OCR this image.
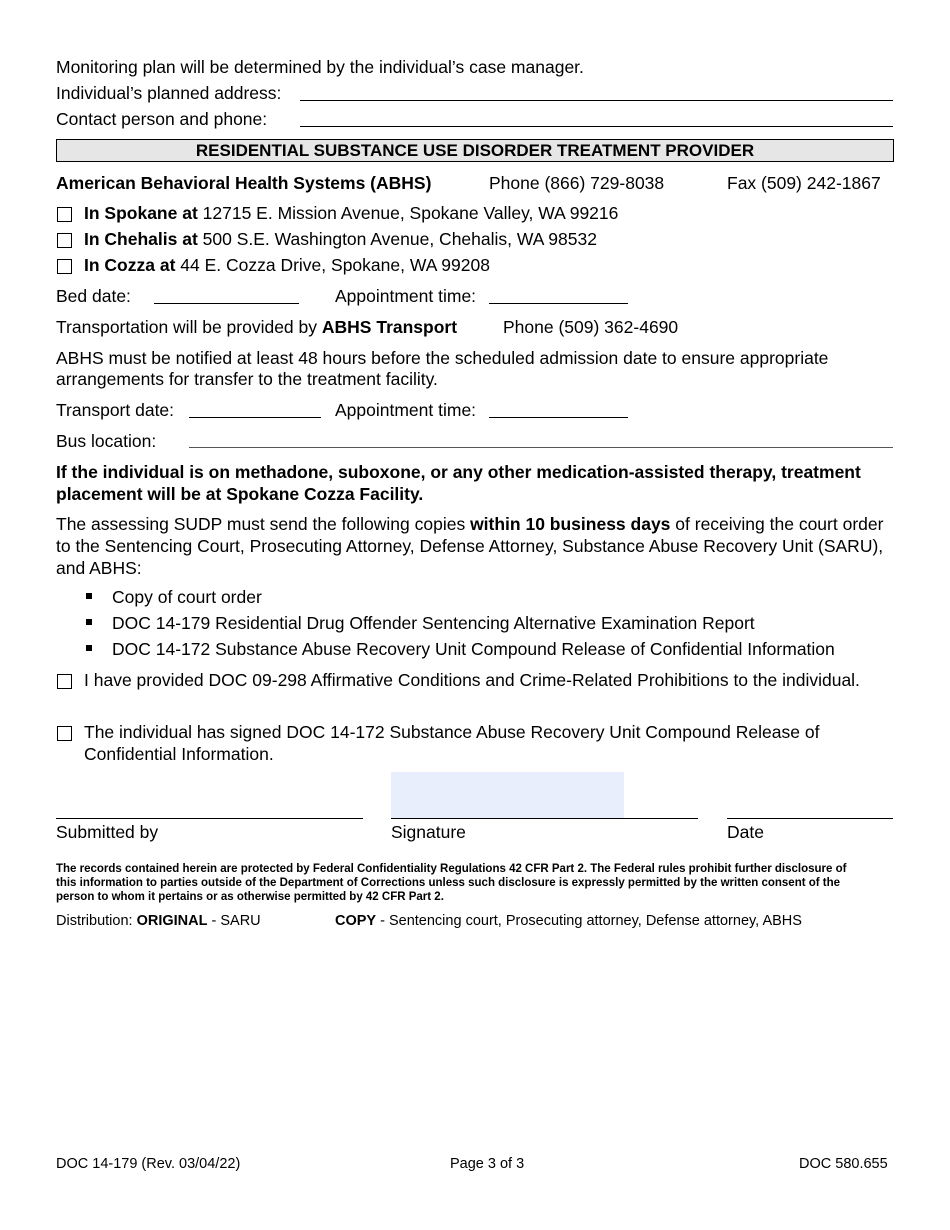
Monitoring plan will be determined by the individual’s case manager.
Individual’s planned address:
Contact person and phone:
RESIDENTIAL SUBSTANCE USE DISORDER TREATMENT PROVIDER
American Behavioral Health Systems (ABHS)	Phone (866) 729-8038	Fax (509) 242-1867
In Spokane at 12715 E. Mission Avenue, Spokane Valley, WA 99216
In Chehalis at 500 S.E. Washington Avenue, Chehalis, WA 98532
In Cozza at 44 E. Cozza Drive, Spokane, WA 99208
Bed date:	Appointment time:
Transportation will be provided by ABHS Transport	Phone (509) 362-4690
ABHS must be notified at least 48 hours before the scheduled admission date to ensure appropriate arrangements for transfer to the treatment facility.
Transport date:	Appointment time:
Bus location:
If the individual is on methadone, suboxone, or any other medication-assisted therapy, treatment placement will be at Spokane Cozza Facility.
The assessing SUDP must send the following copies within 10 business days of receiving the court order to the Sentencing Court, Prosecuting Attorney, Defense Attorney, Substance Abuse Recovery Unit (SARU), and ABHS:
Copy of court order
DOC 14-179 Residential Drug Offender Sentencing Alternative Examination Report
DOC 14-172 Substance Abuse Recovery Unit Compound Release of Confidential Information
I have provided DOC 09-298 Affirmative Conditions and Crime-Related Prohibitions to the individual.
The individual has signed DOC 14-172 Substance Abuse Recovery Unit Compound Release of Confidential Information.
Submitted by	Signature	Date
The records contained herein are protected by Federal Confidentiality Regulations 42 CFR Part 2. The Federal rules prohibit further disclosure of this information to parties outside of the Department of Corrections unless such disclosure is expressly permitted by the written consent of the person to whom it pertains or as otherwise permitted by 42 CFR Part 2.
Distribution: ORIGINAL - SARU	COPY - Sentencing court, Prosecuting attorney, Defense attorney, ABHS
DOC 14-179 (Rev. 03/04/22)	Page 3 of 3	DOC 580.655
